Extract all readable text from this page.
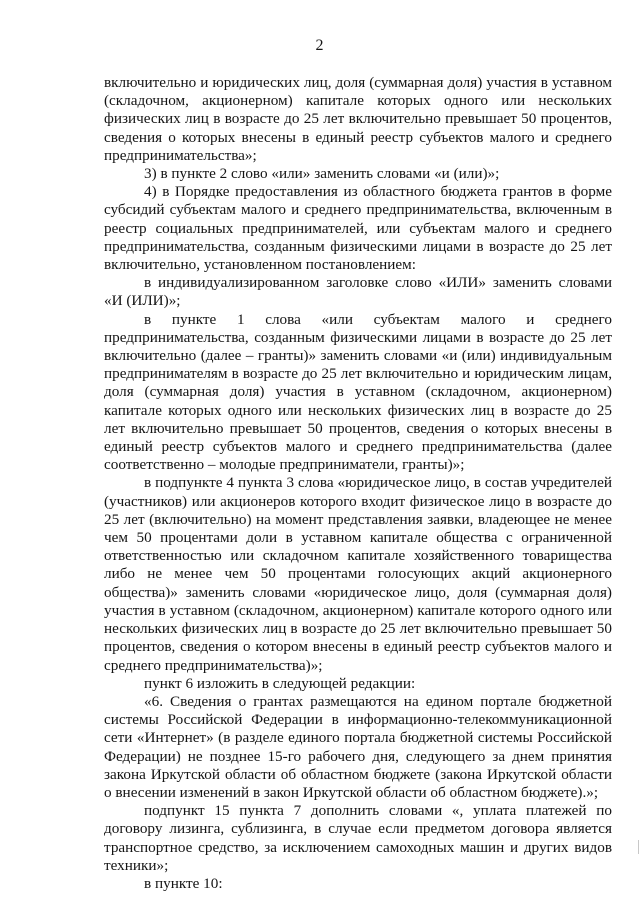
2

включительно и юридических лиц, доля (суммарная доля) участия в уставном (складочном, акционерном) капитале которых одного или нескольких физических лиц в возрасте до 25 лет включительно превышает 50 процентов, сведения о которых внесены в единый реестр субъектов малого и среднего предпринимательства»;

3) в пункте 2 слово «или» заменить словами «и (или)»;

4) в Порядке предоставления из областного бюджета грантов в форме субсидий субъектам малого и среднего предпринимательства, включенным в реестр социальных предпринимателей, или субъектам малого и среднего предпринимательства, созданным физическими лицами в возрасте до 25 лет включительно, установленном постановлением:

в индивидуализированном заголовке слово «ИЛИ» заменить словами «И (ИЛИ)»;

в пункте 1 слова «или субъектам малого и среднего предпринимательства, созданным физическими лицами в возрасте до 25 лет включительно (далее – гранты)» заменить словами «и (или) индивидуальным предпринимателям в возрасте до 25 лет включительно и юридическим лицам, доля (суммарная доля) участия в уставном (складочном, акционерном) капитале которых одного или нескольких физических лиц в возрасте до 25 лет включительно превышает 50 процентов, сведения о которых внесены в единый реестр субъектов малого и среднего предпринимательства (далее соответственно – молодые предприниматели, гранты)»;

в подпункте 4 пункта 3 слова «юридическое лицо, в состав учредителей (участников) или акционеров которого входит физическое лицо в возрасте до 25 лет (включительно) на момент представления заявки, владеющее не менее чем 50 процентами доли в уставном капитале общества с ограниченной ответственностью или складочном капитале хозяйственного товарищества либо не менее чем 50 процентами голосующих акций акционерного общества)» заменить словами «юридическое лицо, доля (суммарная доля) участия в уставном (складочном, акционерном) капитале которого одного или нескольких физических лиц в возрасте до 25 лет включительно превышает 50 процентов, сведения о котором внесены в единый реестр субъектов малого и среднего предпринимательства)»;

пункт 6 изложить в следующей редакции:

«6. Сведения о грантах размещаются на едином портале бюджетной системы Российской Федерации в информационно-телекоммуникационной сети «Интернет» (в разделе единого портала бюджетной системы Российской Федерации) не позднее 15-го рабочего дня, следующего за днем принятия закона Иркутской области об областном бюджете (закона Иркутской области о внесении изменений в закон Иркутской области об областном бюджете).»;

подпункт 15 пункта 7 дополнить словами «, уплата платежей по договору лизинга, сублизинга, в случае если предметом договора является транспортное средство, за исключением самоходных машин и других видов техники»;

в пункте 10:
